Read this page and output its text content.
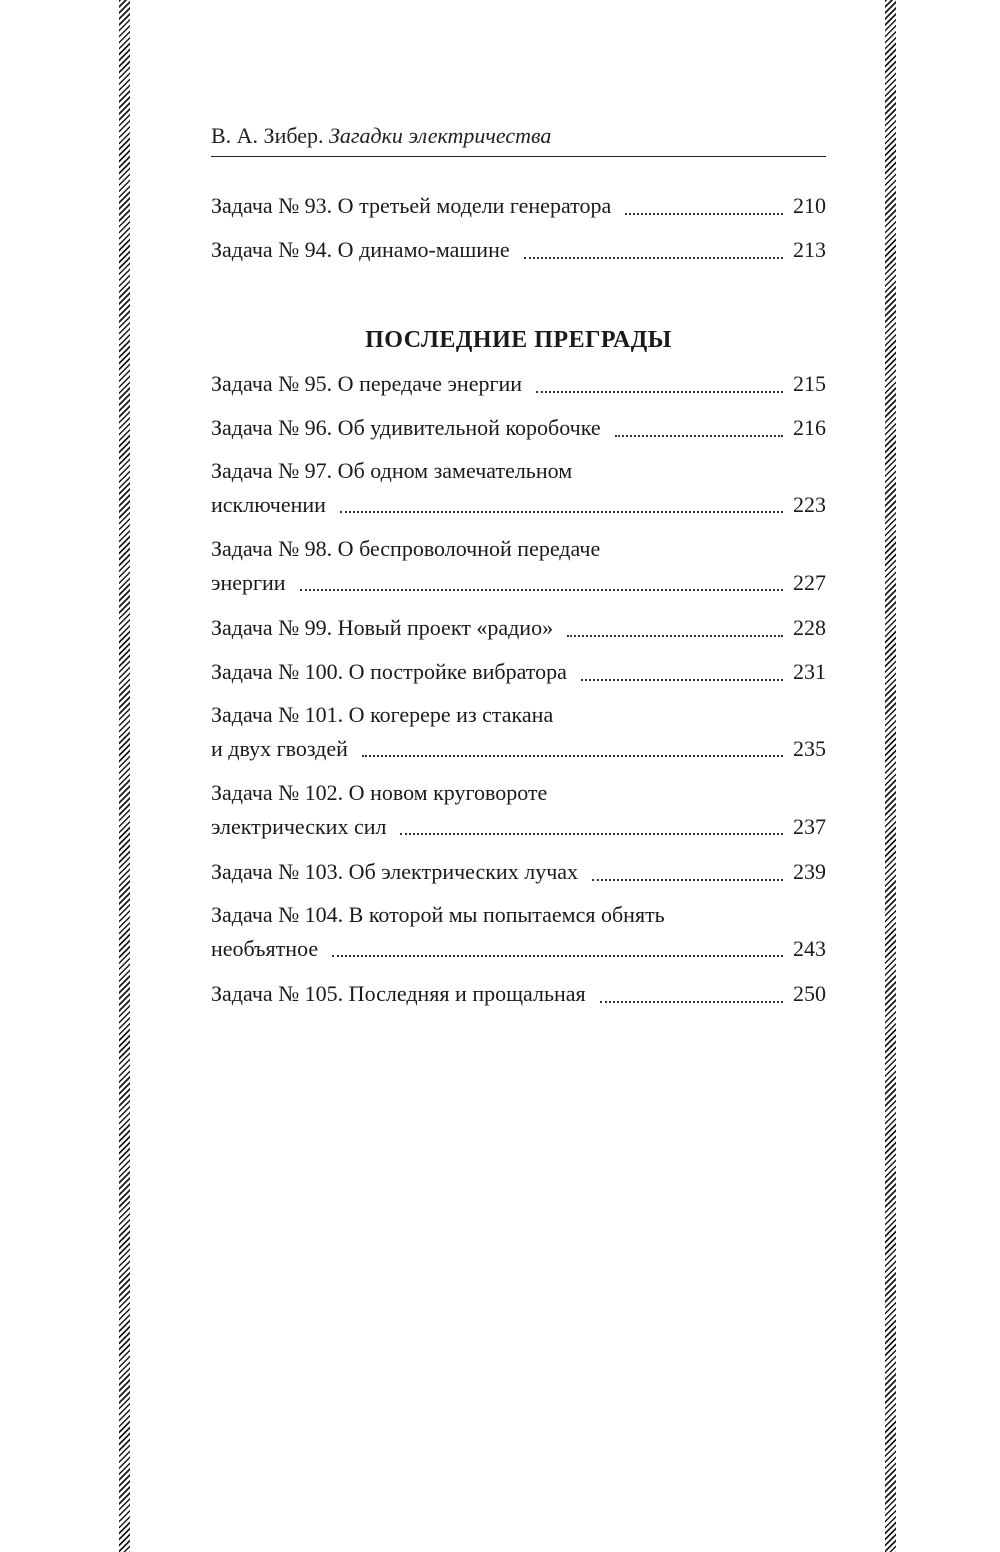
В. А. Зибер. Загадки электричества
Задача № 93. О третьей модели генератора	210
Задача № 94. О динамо-машине	213
ПОСЛЕДНИЕ ПРЕГРАДЫ
Задача № 95. О передаче энергии	215
Задача № 96. Об удивительной коробочке	216
Задача № 97. Об одном замечательном
исключении	223
Задача № 98. О беспроволочной передаче
энергии	227
Задача № 99. Новый проект «радио»	228
Задача № 100. О постройке вибратора	231
Задача № 101. О когерере из стакана
и двух гвоздей	235
Задача № 102. О новом круговороте
электрических сил	237
Задача № 103. Об электрических лучах	239
Задача № 104. В которой мы попытаемся обнять
необъятное	243
Задача № 105. Последняя и прощальная	250
